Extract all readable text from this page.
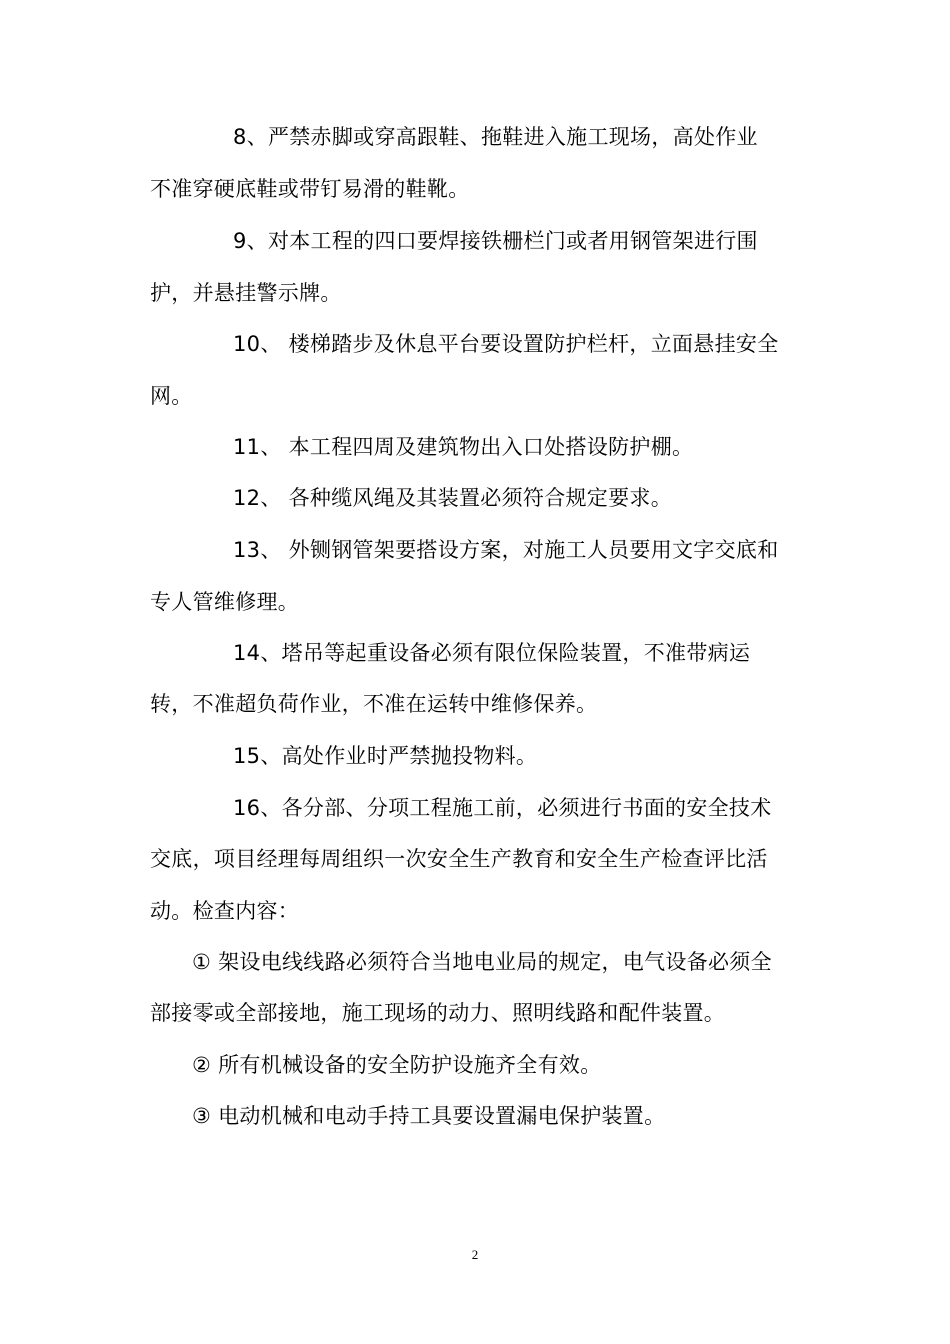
8、严禁赤脚或穿高跟鞋、拖鞋进入施工现场，高处作业
不准穿硬底鞋或带钉易滑的鞋靴。
9、对本工程的四口要焊接铁栅栏门或者用钢管架进行围
护，并悬挂警示牌。
10、 楼梯踏步及休息平台要设置防护栏杆，立面悬挂安全
网。
11、 本工程四周及建筑物出入口处搭设防护棚。
12、 各种缆风绳及其装置必须符合规定要求。
13、 外铡钢管架要搭设方案，对施工人员要用文字交底和
专人管维修理。
14、塔吊等起重设备必须有限位保险装置，不准带病运
转，不准超负荷作业，不准在运转中维修保养。
15、高处作业时严禁抛投物料。
16、各分部、分项工程施工前，必须进行书面的安全技术
交底，项目经理每周组织一次安全生产教育和安全生产检查评比活
动。检查内容：
① 架设电线线路必须符合当地电业局的规定，电气设备必须全
部接零或全部接地，施工现场的动力、照明线路和配件装置。
② 所有机械设备的安全防护设施齐全有效。
③ 电动机械和电动手持工具要设置漏电保护装置。
2
